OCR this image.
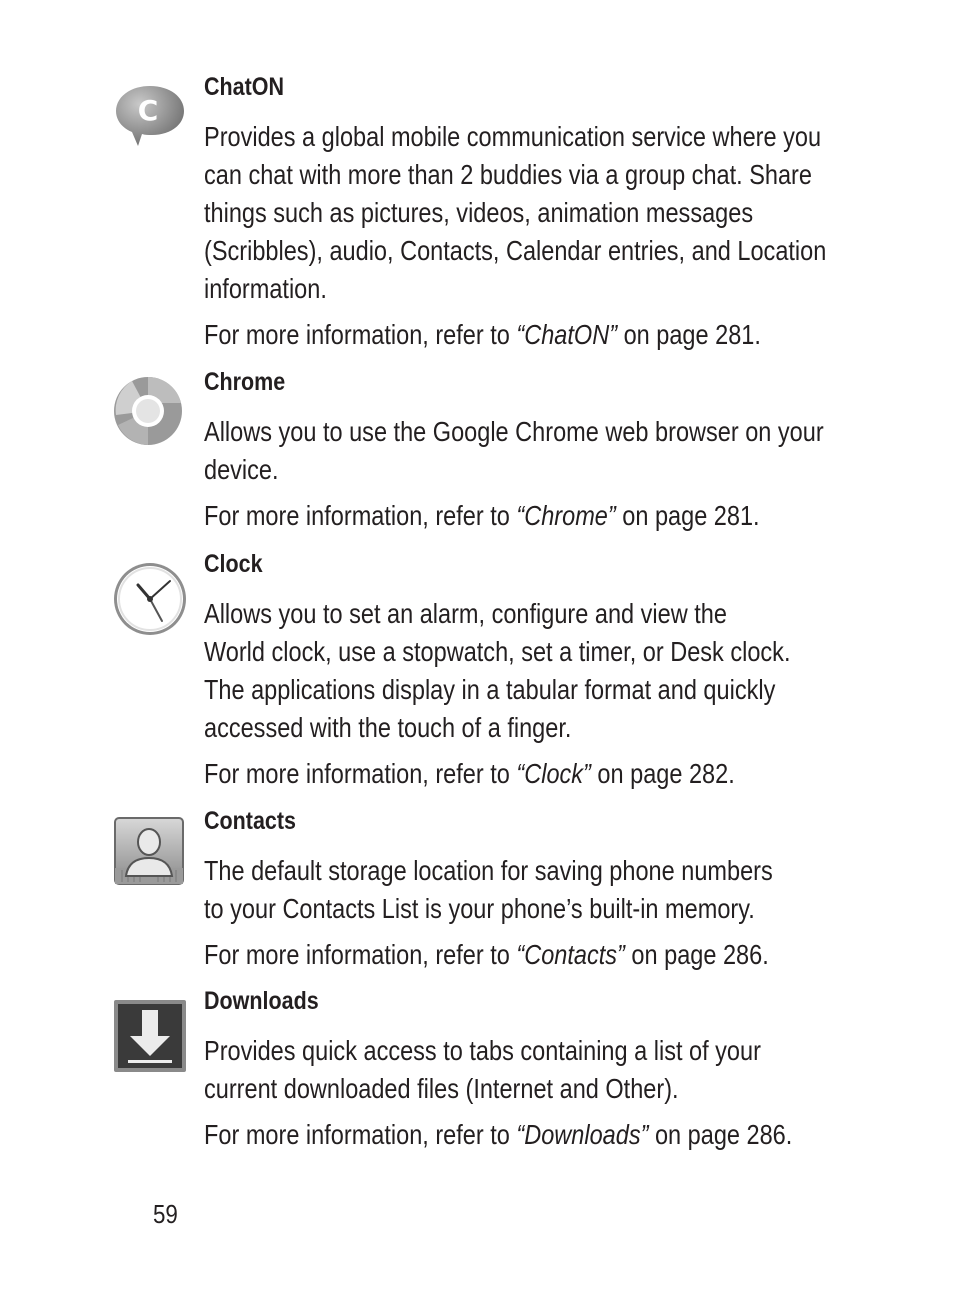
C
ChatON

Provides a global mobile communication service where you

can chat with more than 2 buddies via a group chat. Share

things such as pictures, videos, animation messages

(Scribbles), audio, Contacts, Calendar entries, and Location

information.

For more information, refer to “ChatON” on page 281.
Chrome

Allows you to use the Google Chrome web browser on your

device.

For more information, refer to “Chrome” on page 281.
Clock

Allows you to set an alarm, configure and view the

World clock, use a stopwatch, set a timer, or Desk clock.

The applications display in a tabular format and quickly

accessed with the touch of a finger.

For more information, refer to “Clock” on page 282.
Contacts

The default storage location for saving phone numbers

to your Contacts List is your phone’s built-in memory.

For more information, refer to “Contacts” on page 286.
Downloads

Provides quick access to tabs containing a list of your

current downloaded files (Internet and Other).

For more information, refer to “Downloads” on page 286.
59
